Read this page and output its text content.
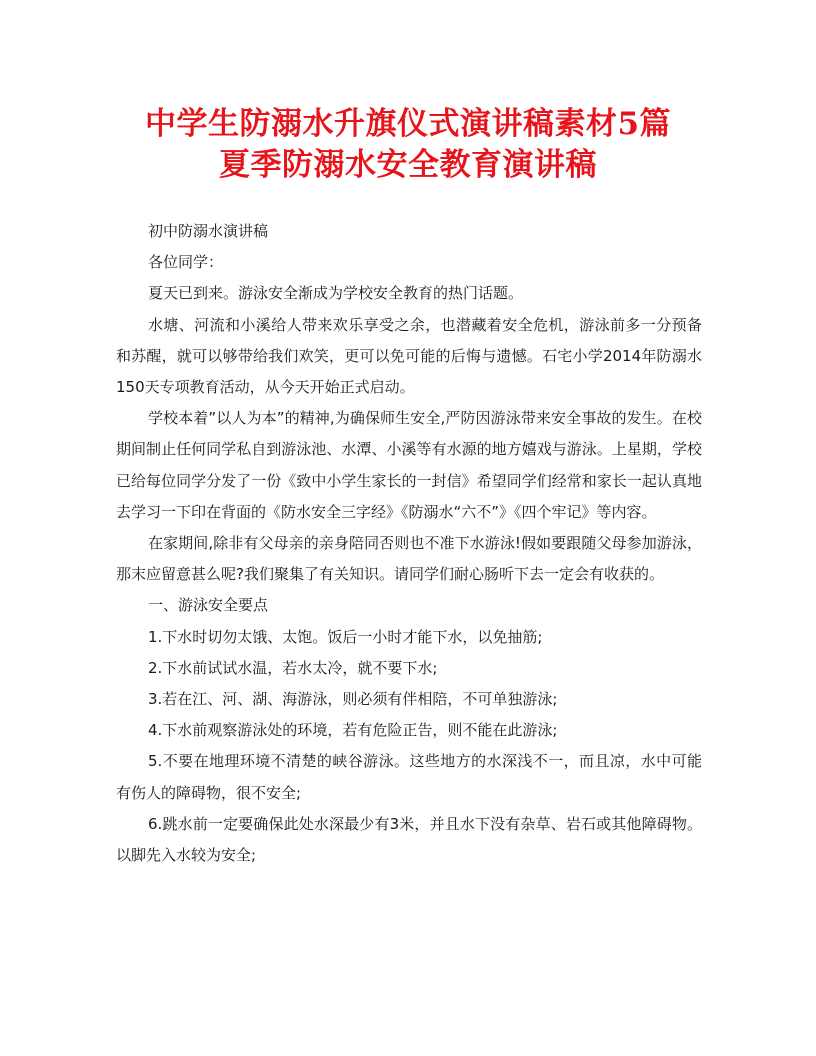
中学生防溺水升旗仪式演讲稿素材5篇
夏季防溺水安全教育演讲稿

初中防溺水演讲稿

各位同学：

夏天已到来。游泳安全渐成为学校安全教育的热门话题。

水塘、河流和小溪给人带来欢乐享受之余，也潜藏着安全危机，游泳前多一分预备和苏醒，就可以够带给我们欢笑，更可以免可能的后悔与遗憾。石宅小学2014年防溺水150天专项教育活动，从今天开始正式启动。

学校本着”以人为本”的精神,为确保师生安全,严防因游泳带来安全事故的发生。在校期间制止任何同学私自到游泳池、水潭、小溪等有水源的地方嬉戏与游泳。上星期，学校已给每位同学分发了一份《致中小学生家长的一封信》希望同学们经常和家长一起认真地去学习一下印在背面的《防水安全三字经》《防溺水“六不”》《四个牢记》等内容。

在家期间,除非有父母亲的亲身陪同否则也不准下水游泳!假如要跟随父母参加游泳，那末应留意甚么呢?我们聚集了有关知识。请同学们耐心肠听下去一定会有收获的。

一、游泳安全要点

1.下水时切勿太饿、太饱。饭后一小时才能下水，以免抽筋;

2.下水前试试水温，若水太冷，就不要下水;

3.若在江、河、湖、海游泳，则必须有伴相陪，不可单独游泳;

4.下水前观察游泳处的环境，若有危险正告，则不能在此游泳;

5.不要在地理环境不清楚的峡谷游泳。这些地方的水深浅不一，而且凉，水中可能有伤人的障碍物，很不安全;

6.跳水前一定要确保此处水深最少有3米，并且水下没有杂草、岩石或其他障碍物。以脚先入水较为安全;
